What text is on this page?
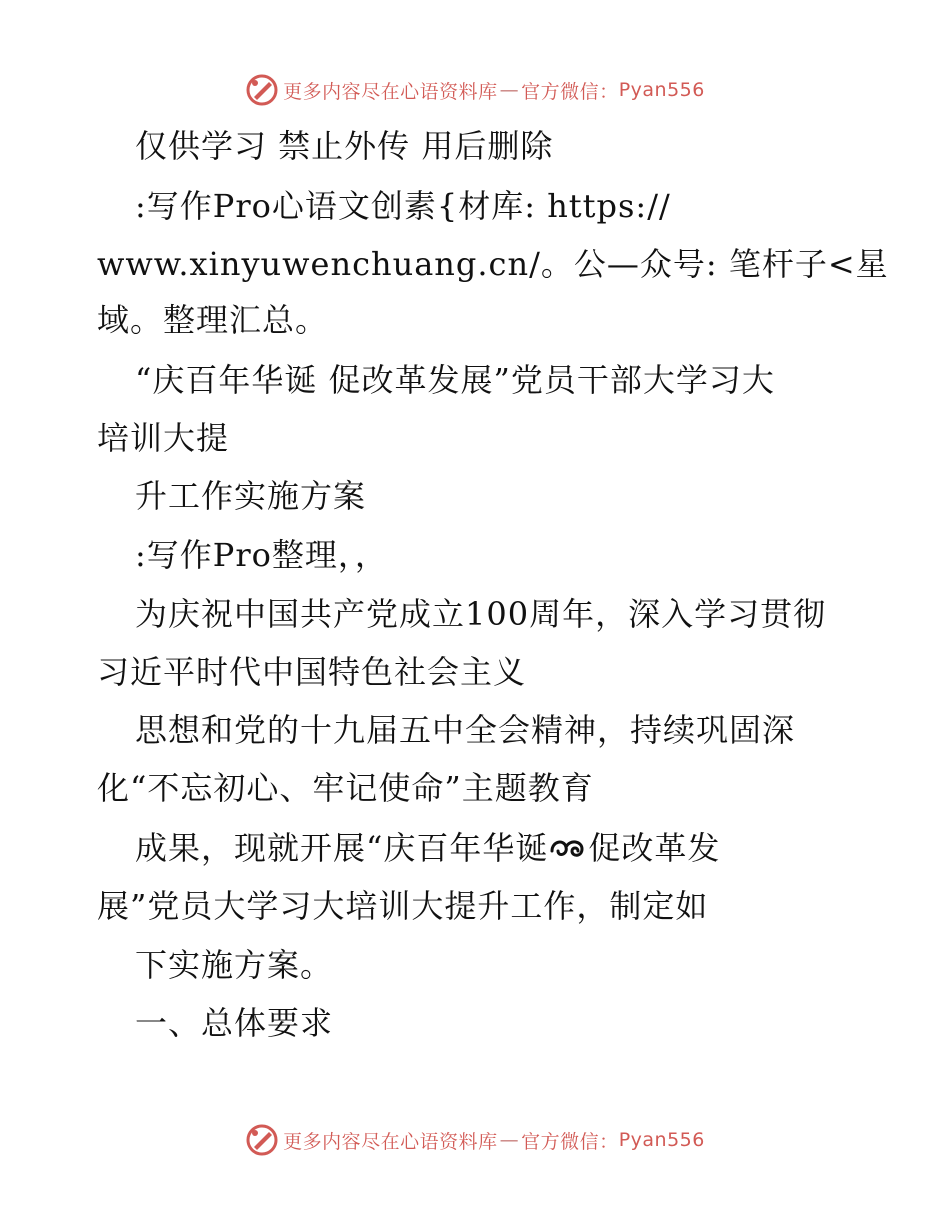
更多内容尽在心语资料库 — 官方微信： Pyan556
仅供学习 禁止外传 用后删除
:写作Pro心语文创素{材库: https://
www.xinyuwenchuang.cn/。公—众号: 笔杆子<星
域。整理汇总。
“庆百年华诞 促改革发展”党员干部大学习大
培训大提
升工作实施方案
:写作Pro整理，，
为庆祝中国共产党成立100周年，深入学习贯彻
习近平时代中国特色社会主义
思想和党的十九届五中全会精神，持续巩固深
化“不忘初心、牢记使命”主题教育
成果，现就开展“庆百年华诞 促改革发
展”党员大学习大培训大提升工作，制定如
下实施方案。
一、总体要求
更多内容尽在心语资料库 — 官方微信： Pyan556
